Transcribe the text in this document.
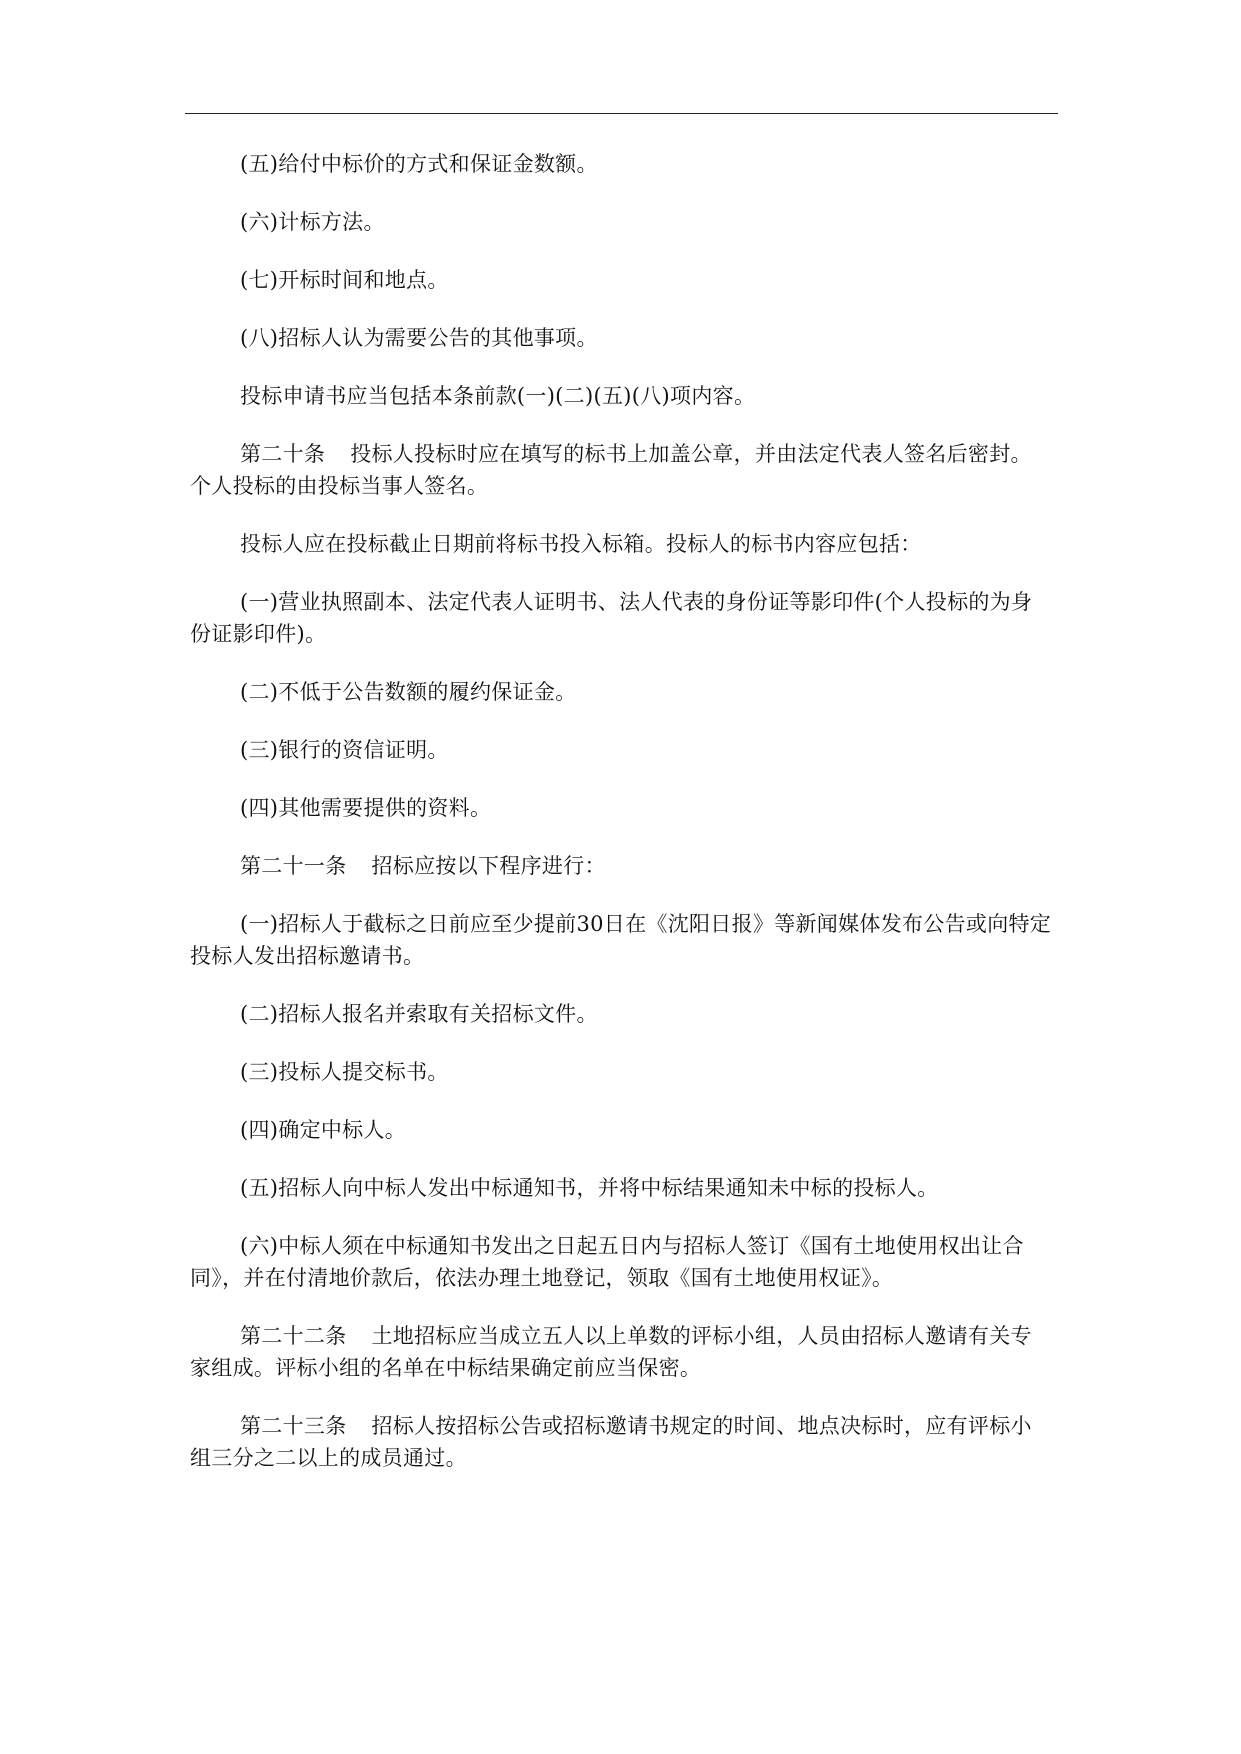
(五)给付中标价的方式和保证金数额。

(六)计标方法。

(七)开标时间和地点。

(八)招标人认为需要公告的其他事项。

投标申请书应当包括本条前款(一)(二)(五)(八)项内容。

第二十条 投标人投标时应在填写的标书上加盖公章，并由法定代表人签名后密封。个人投标的由投标当事人签名。

投标人应在投标截止日期前将标书投入标箱。投标人的标书内容应包括：

(一)营业执照副本、法定代表人证明书、法人代表的身份证等影印件(个人投标的为身份证影印件)。

(二)不低于公告数额的履约保证金。

(三)银行的资信证明。

(四)其他需要提供的资料。

第二十一条 招标应按以下程序进行：

(一)招标人于截标之日前应至少提前30日在《沈阳日报》等新闻媒体发布公告或向特定投标人发出招标邀请书。

(二)招标人报名并索取有关招标文件。

(三)投标人提交标书。

(四)确定中标人。

(五)招标人向中标人发出中标通知书，并将中标结果通知未中标的投标人。

(六)中标人须在中标通知书发出之日起五日内与招标人签订《国有土地使用权出让合同》，并在付清地价款后，依法办理土地登记，领取《国有土地使用权证》。

第二十二条 土地招标应当成立五人以上单数的评标小组，人员由招标人邀请有关专家组成。评标小组的名单在中标结果确定前应当保密。

第二十三条 招标人按招标公告或招标邀请书规定的时间、地点决标时，应有评标小组三分之二以上的成员通过。
